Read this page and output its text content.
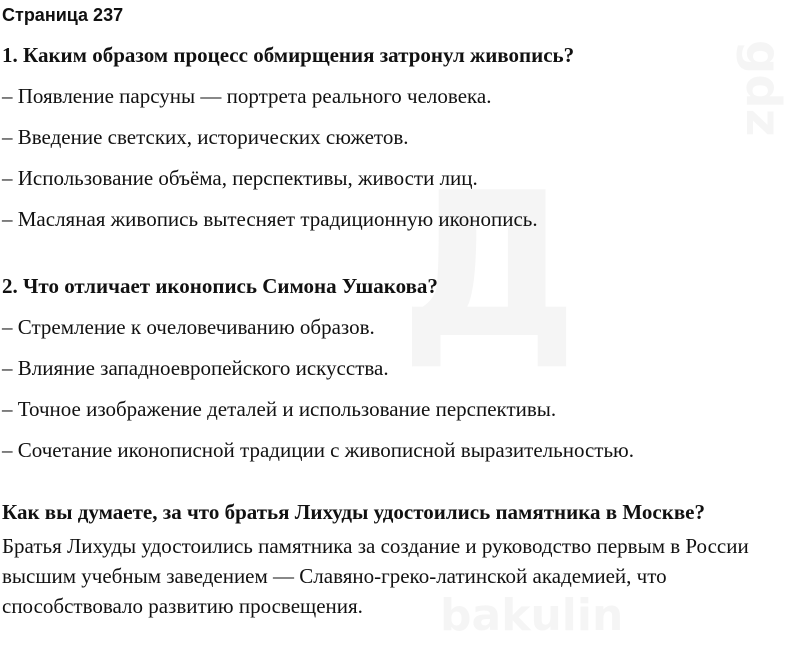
bakulin
gdz
Д
Страница 237
1. Каким образом процесс обмирщения затронул живопись?
– Появление парсуны — портрета реального человека.
– Введение светских, исторических сюжетов.
– Использование объёма, перспективы, живости лиц.
– Масляная живопись вытесняет традиционную иконопись.
2. Что отличает иконопись Симона Ушакова?
– Стремление к очеловечиванию образов.
– Влияние западноевропейского искусства.
– Точное изображение деталей и использование перспективы.
– Сочетание иконописной традиции с живописной выразительностью.
Как вы думаете, за что братья Лихуды удостоились памятника в Москве?

Братья Лихуды удостоились памятника за создание и руководство первым в России высшим учебным заведением — Славяно-греко-латинской академией, что способствовало развитию просвещения.
